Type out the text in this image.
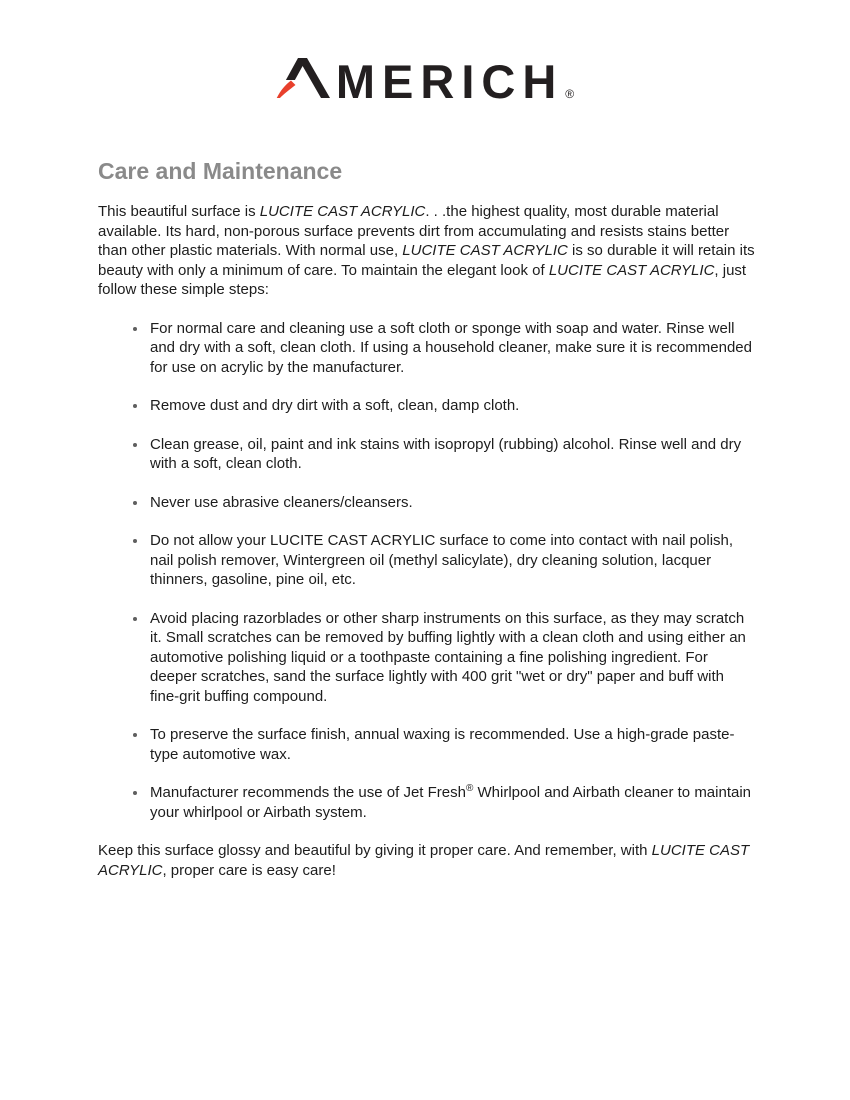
MERICH ®
Care and Maintenance

This beautiful surface is LUCITE CAST ACRYLIC. . .the highest quality, most durable material available. Its hard, non-porous surface prevents dirt from accumulating and resists stains better than other plastic materials. With normal use, LUCITE CAST ACRYLIC is so durable it will retain its beauty with only a minimum of care. To maintain the elegant look of LUCITE CAST ACRYLIC, just follow these simple steps:

• For normal care and cleaning use a soft cloth or sponge with soap and water. Rinse well and dry with a soft, clean cloth. If using a household cleaner, make sure it is recommended for use on acrylic by the manufacturer.
• Remove dust and dry dirt with a soft, clean, damp cloth.
• Clean grease, oil, paint and ink stains with isopropyl (rubbing) alcohol. Rinse well and dry with a soft, clean cloth.
• Never use abrasive cleaners/cleansers.
• Do not allow your LUCITE CAST ACRYLIC surface to come into contact with nail polish, nail polish remover, Wintergreen oil (methyl salicylate), dry cleaning solution, lacquer thinners, gasoline, pine oil, etc.
• Avoid placing razorblades or other sharp instruments on this surface, as they may scratch it. Small scratches can be removed by buffing lightly with a clean cloth and using either an automotive polishing liquid or a toothpaste containing a fine polishing ingredient. For deeper scratches, sand the surface lightly with 400 grit "wet or dry" paper and buff with fine-grit buffing compound.
• To preserve the surface finish, annual waxing is recommended. Use a high-grade paste-type automotive wax.
• Manufacturer recommends the use of Jet Fresh® Whirlpool and Airbath cleaner to maintain your whirlpool or Airbath system.

Keep this surface glossy and beautiful by giving it proper care. And remember, with LUCITE CAST ACRYLIC, proper care is easy care!
